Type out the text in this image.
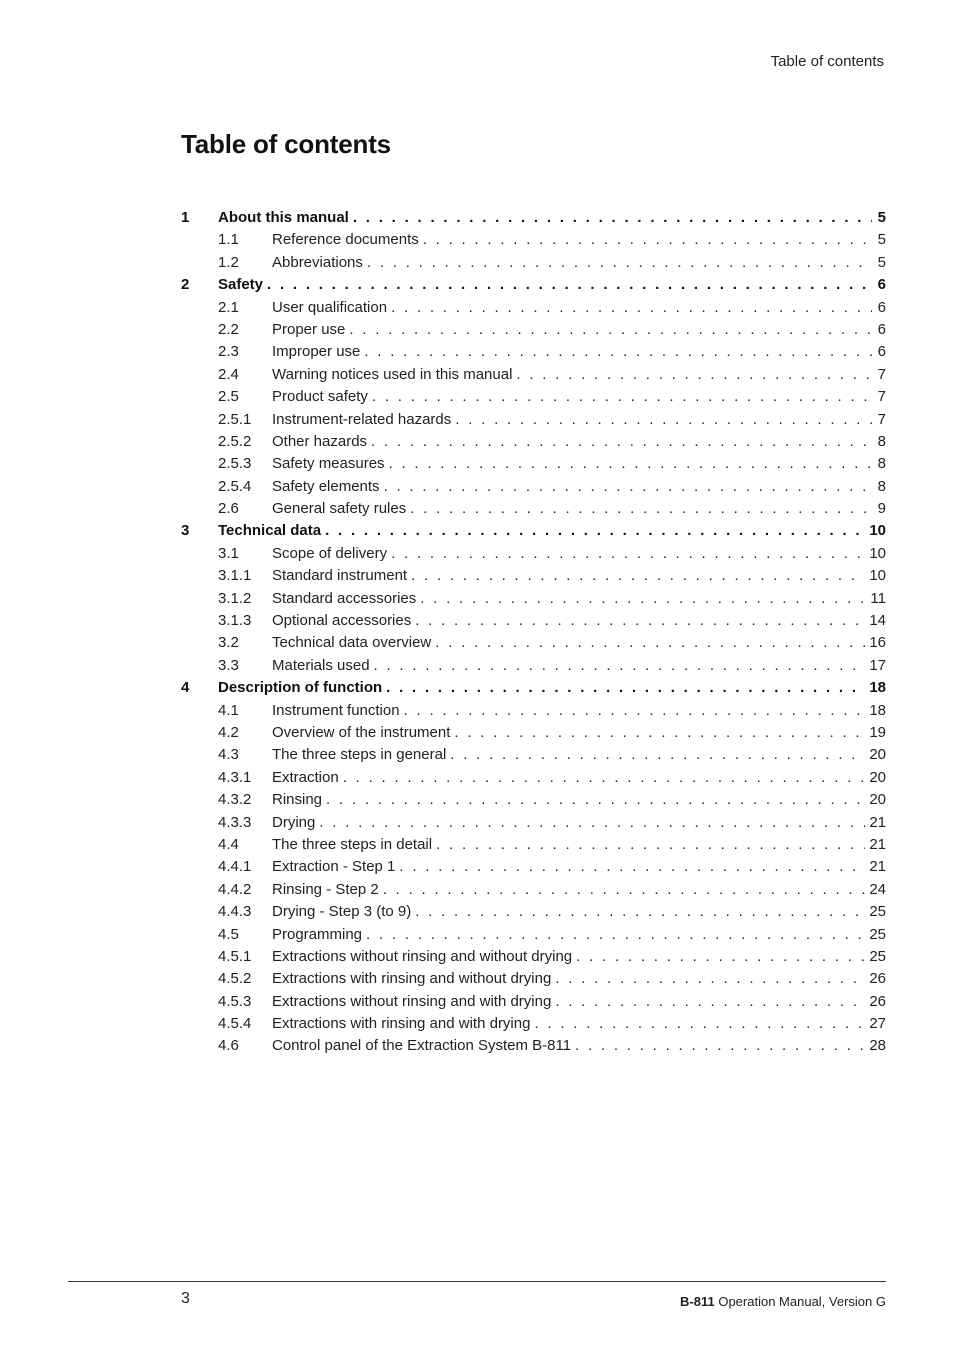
Table of contents
Table of contents
1	About this manual . . .	5
1.1	Reference documents . . .	5
1.2	Abbreviations . . .	5
2	Safety . . .	6
2.1	User qualification . . .	6
2.2	Proper use . . .	6
2.3	Improper use . . .	6
2.4	Warning notices used in this manual . . .	7
2.5	Product safety . . .	7
2.5.1	Instrument-related hazards . . .	7
2.5.2	Other hazards . . .	8
2.5.3	Safety measures . . .	8
2.5.4	Safety elements . . .	8
2.6	General safety rules . . .	9
3	Technical data . . .	10
3.1	Scope of delivery . . .	10
3.1.1	Standard instrument . . .	10
3.1.2	Standard accessories . . .	11
3.1.3	Optional accessories . . .	14
3.2	Technical data overview . . .	16
3.3	Materials used . . .	17
4	Description of function . . .	18
4.1	Instrument function . . .	18
4.2	Overview of the instrument . . .	19
4.3	The three steps in general . . .	20
4.3.1	Extraction . . .	20
4.3.2	Rinsing . . .	20
4.3.3	Drying . . .	21
4.4	The three steps in detail . . .	21
4.4.1	Extraction - Step 1 . . .	21
4.4.2	Rinsing - Step 2 . . .	24
4.4.3	Drying - Step 3 (to 9) . . .	25
4.5	Programming . . .	25
4.5.1	Extractions without rinsing and without drying . . .	25
4.5.2	Extractions with rinsing and without drying . . .	26
4.5.3	Extractions without rinsing and with drying . . .	26
4.5.4	Extractions with rinsing and with drying . . .	27
4.6	Control panel of the Extraction System B-811 . . .	28
3	B-811 Operation Manual, Version G
